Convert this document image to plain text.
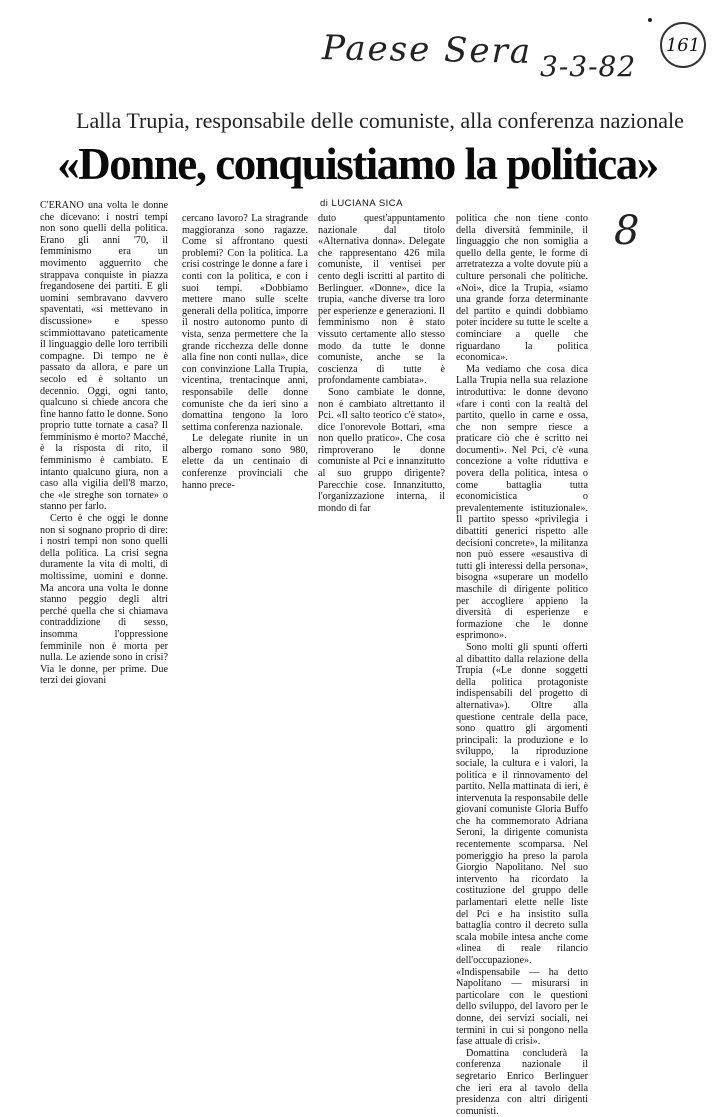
Paese Sera 3-3-82
161
8
Lalla Trupia, responsabile delle comuniste, alla conferenza nazionale
«Donne, conquistiamo la politica»
di LUCIANA SICA

C'ERANO una volta le donne che dicevano: i nostri tempi non sono quelli della politica. Erano gli anni '70, il femminismo era un movimento agguerrito che strappava conquiste in piazza fregandosene dei partiti. E gli uomini sembravano davvero spaventati, «si mettevano in discussione» e spesso scimmiottavano pateticamente il linguaggio delle loro terribili compagne. Di tempo ne è passato da allora, e pare un secolo ed è soltanto un decennio. Oggi, ogni tanto, qualcuno si chiede ancora che fine hanno fatto le donne. Sono proprio tutte tornate a casa? Il femminismo è morto? Macché, è la risposta di rito, il femminismo è cambiato. E intanto qualcuno giura, non a caso alla vigilia dell'8 marzo, che «le streghe son tornate» o stanno per farlo.

Certo è che oggi le donne non si sognano proprio di dire: i nostri tempi non sono quelli della politica. La crisi segna duramente la vita di molti, di moltissime, uomini e donne. Ma ancora una volta le donne stanno peggio degli altri perché quella che si chiamava contraddizione di sesso, insomma l'oppressione femminile non è morta per nulla. Le aziende sono in crisi? Via le donne, per prime. Due terzi dei giovani

cercano lavoro? La stragrande maggioranza sono ragazze. Come si affrontano questi problemi? Con la politica. La crisi costringe le donne a fare i conti con la politica, e con i suoi tempi. «Dobbiamo mettere mano sulle scelte generali della politica, imporre il nostro autonomo punto di vista, senza permettere che la grande ricchezza delle donne alla fine non conti nulla», dice con convinzione Lalla Trupia, vicentina, trentacinque anni, responsabile delle donne comuniste che da ieri sino a domattina tengono la loro settima conferenza nazionale.

Le delegate riunite in un albergo romano sono 980, elette da un centinaio di conferenze provinciali che hanno prece-

duto quest'appuntamento nazionale dal titolo «Alternativa donna». Delegate che rappresentano 426 mila comuniste, il ventisei per cento degli iscritti al partito di Berlinguer. «Donne», dice la trupia, «anche diverse tra loro per esperienze e generazioni. Il femminismo non è stato vissuto certamente allo stesso modo da tutte le donne comuniste, anche se la coscienza di tutte è profondamente cambiata».

Sono cambiate le donne, non è cambiato altrettanto il Pci. «Il salto teorico c'è stato», dice l'onorevole Bottari, «ma non quello pratico». Che cosa rimproverano le donne comuniste al Pci e innanzitutto al suo gruppo dirigente? Parecchie cose. Innanzitutto, l'organizzazione interna, il mondo di far

politica che non tiene conto della diversità femminile, il linguaggio che non somiglia a quello della gente, le forme di arretratezza a volte dovute più a culture personali che politiche. «Noi», dice la Trupia, «siamo una grande forza determinante del partito e quindi dobbiamo poter incidere su tutte le scelte a cominciare a quelle che riguardano la politica economica».

Ma vediamo che cosa dica Lalla Trupia nella sua relazione introduttiva: le donne devono «fare i conti con la realtà del partito, quello in carne e ossa, che non sempre riesce a praticare ciò che è scritto nei documenti». Nel Pci, c'è «una concezione a volte riduttiva e povera della politica, intesa o come battaglia tutta economicistica o prevalentemente istituzionale». Il partito spesso «privilegia i dibattiti generici rispetto alle decisioni concrete», la militanza non può essere «esaustiva di tutti gli interessi della persona», bisogna «superare un modello maschile di dirigente politico per accogliere appieno la diversità di esperienze e formazione che le donne esprimono».

Sono molti gli spunti offerti al dibattito dalla relazione della Trupia («Le donne soggetti della politica protagoniste indispensabili del progetto di alternativa»). Oltre alla questione centrale della pace, sono quattro gli argomenti principali: la produzione e lo sviluppo, la riproduzione sociale, la cultura e i valori, la politica e il rinnovamento del partito. Nella mattinata di ieri, è intervenuta la responsabile delle giovani comuniste Gloria Buffo che ha commemorato Adriana Seroni, la dirigente comunista recentemente scomparsa. Nel pomeriggio ha preso la parola Giorgio Napolitano. Nel suo intervento ha ricordato la costituzione del gruppo delle parlamentari elette nelle liste del Pci e ha insistito sulla battaglia contro il decreto sulla scala mobile intesa anche come «linea di reale rilancio dell'occupazione». «Indispensabile — ha detto Napolitano — misurarsi in particolare con le questioni dello sviluppo, del lavoro per le donne, dei servizi sociali, nei termini in cui si pongono nella fase attuale di crisi».

Domattina concluderà la conferenza nazionale il segretario Enrico Berlinguer che ieri era al tavolo della presidenza con altri dirigenti comunisti.
